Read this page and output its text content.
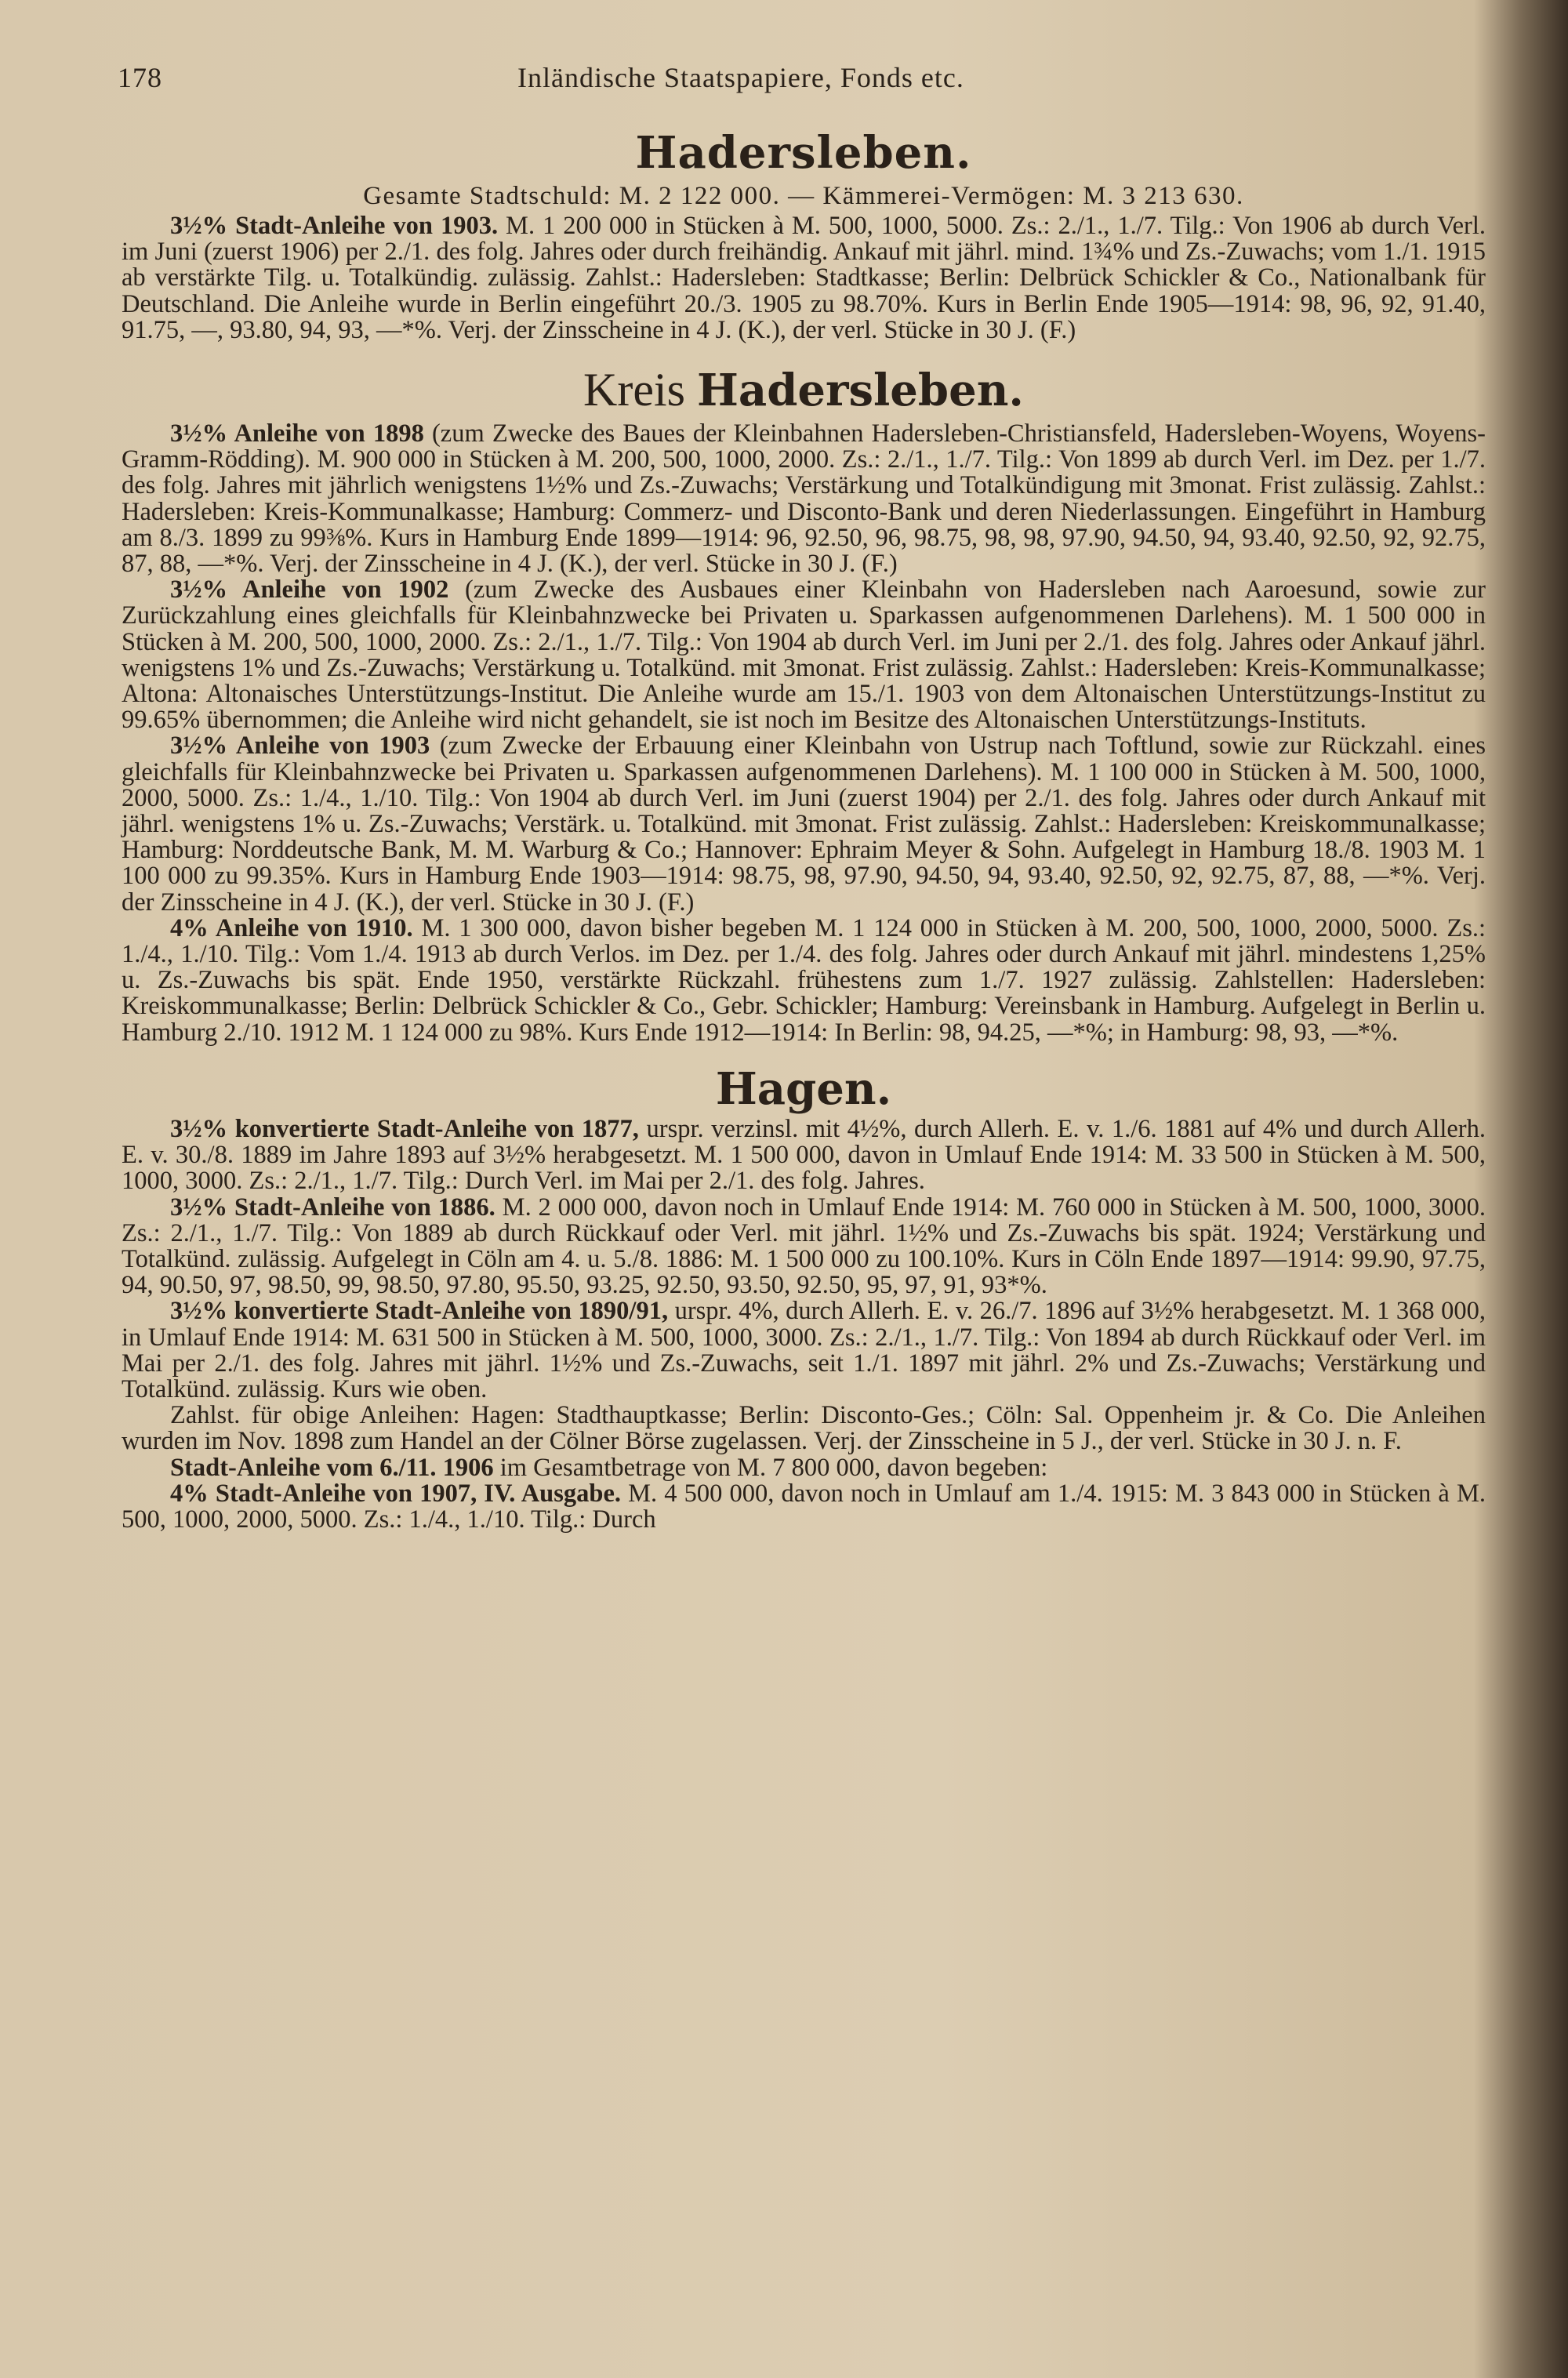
178	Inländische Staatspapiere, Fonds etc.
Hadersleben.
Gesamte Stadtschuld: M. 2 122 000. — Kämmerei-Vermögen: M. 3 213 630.

3½% Stadt-Anleihe von 1903. M. 1 200 000 in Stücken à M. 500, 1000, 5000. Zs.: 2./1., 1./7. Tilg.: Von 1906 ab durch Verl. im Juni (zuerst 1906) per 2./1. des folg. Jahres oder durch freihändig. Ankauf mit jährl. mind. 1¾% und Zs.-Zuwachs; vom 1./1. 1915 ab verstärkte Tilg. u. Totalkündig. zulässig. Zahlst.: Hadersleben: Stadtkasse; Berlin: Delbrück Schickler & Co., Nationalbank für Deutschland. Die Anleihe wurde in Berlin eingeführt 20./3. 1905 zu 98.70%. Kurs in Berlin Ende 1905—1914: 98, 96, 92, 91.40, 91.75, —, 93.80, 94, 93, —*%. Verj. der Zinsscheine in 4 J. (K.), der verl. Stücke in 30 J. (F.)

Kreis Hadersleben.

3½% Anleihe von 1898 (zum Zwecke des Baues der Kleinbahnen Hadersleben-Christiansfeld, Hadersleben-Woyens, Woyens-Gramm-Rödding). M. 900 000 in Stücken à M. 200, 500, 1000, 2000. Zs.: 2./1., 1./7. Tilg.: Von 1899 ab durch Verl. im Dez. per 1./7. des folg. Jahres mit jährlich wenigstens 1½% und Zs.-Zuwachs; Verstärkung und Totalkündigung mit 3monat. Frist zulässig. Zahlst.: Hadersleben: Kreis-Kommunalkasse; Hamburg: Commerz- und Disconto-Bank und deren Niederlassungen. Eingeführt in Hamburg am 8./3. 1899 zu 99⅜%. Kurs in Hamburg Ende 1899—1914: 96, 92.50, 96, 98.75, 98, 98, 97.90, 94.50, 94, 93.40, 92.50, 92, 92.75, 87, 88, —*%. Verj. der Zinsscheine in 4 J. (K.), der verl. Stücke in 30 J. (F.)

3½% Anleihe von 1902 (zum Zwecke des Ausbaues einer Kleinbahn von Hadersleben nach Aaroesund, sowie zur Zurückzahlung eines gleichfalls für Kleinbahnzwecke bei Privaten u. Sparkassen aufgenommenen Darlehens). M. 1 500 000 in Stücken à M. 200, 500, 1000, 2000. Zs.: 2./1., 1./7. Tilg.: Von 1904 ab durch Verl. im Juni per 2./1. des folg. Jahres oder Ankauf jährl. wenigstens 1% und Zs.-Zuwachs; Verstärkung u. Totalkünd. mit 3monat. Frist zulässig. Zahlst.: Hadersleben: Kreis-Kommunalkasse; Altona: Altonaisches Unterstützungs-Institut. Die Anleihe wurde am 15./1. 1903 von dem Altonaischen Unterstützungs-Institut zu 99.65% übernommen; die Anleihe wird nicht gehandelt, sie ist noch im Besitze des Altonaischen Unterstützungs-Instituts.

3½% Anleihe von 1903 (zum Zwecke der Erbauung einer Kleinbahn von Ustrup nach Toftlund, sowie zur Rückzahl. eines gleichfalls für Kleinbahnzwecke bei Privaten u. Sparkassen aufgenommenen Darlehens). M. 1 100 000 in Stücken à M. 500, 1000, 2000, 5000. Zs.: 1./4., 1./10. Tilg.: Von 1904 ab durch Verl. im Juni (zuerst 1904) per 2./1. des folg. Jahres oder durch Ankauf mit jährl. wenigstens 1% u. Zs.-Zuwachs; Verstärk. u. Totalkünd. mit 3monat. Frist zulässig. Zahlst.: Hadersleben: Kreiskommunalkasse; Hamburg: Norddeutsche Bank, M. M. Warburg & Co.; Hannover: Ephraim Meyer & Sohn. Aufgelegt in Hamburg 18./8. 1903 M. 1 100 000 zu 99.35%. Kurs in Hamburg Ende 1903—1914: 98.75, 98, 97.90, 94.50, 94, 93.40, 92.50, 92, 92.75, 87, 88, —*%. Verj. der Zinsscheine in 4 J. (K.), der verl. Stücke in 30 J. (F.)

4% Anleihe von 1910. M. 1 300 000, davon bisher begeben M. 1 124 000 in Stücken à M. 200, 500, 1000, 2000, 5000. Zs.: 1./4., 1./10. Tilg.: Vom 1./4. 1913 ab durch Verlos. im Dez. per 1./4. des folg. Jahres oder durch Ankauf mit jährl. mindestens 1,25% u. Zs.-Zuwachs bis spät. Ende 1950, verstärkte Rückzahl. frühestens zum 1./7. 1927 zulässig. Zahlstellen: Hadersleben: Kreiskommunalkasse; Berlin: Delbrück Schickler & Co., Gebr. Schickler; Hamburg: Vereinsbank in Hamburg. Aufgelegt in Berlin u. Hamburg 2./10. 1912 M. 1 124 000 zu 98%. Kurs Ende 1912—1914: In Berlin: 98, 94.25, —*%; in Hamburg: 98, 93, —*%.

Hagen.

3½% konvertierte Stadt-Anleihe von 1877, urspr. verzinsl. mit 4½%, durch Allerh. E. v. 1./6. 1881 auf 4% und durch Allerh. E. v. 30./8. 1889 im Jahre 1893 auf 3½% herabgesetzt. M. 1 500 000, davon in Umlauf Ende 1914: M. 33 500 in Stücken à M. 500, 1000, 3000. Zs.: 2./1., 1./7. Tilg.: Durch Verl. im Mai per 2./1. des folg. Jahres.

3½% Stadt-Anleihe von 1886. M. 2 000 000, davon noch in Umlauf Ende 1914: M. 760 000 in Stücken à M. 500, 1000, 3000. Zs.: 2./1., 1./7. Tilg.: Von 1889 ab durch Rückkauf oder Verl. mit jährl. 1½% und Zs.-Zuwachs bis spät. 1924; Verstärkung und Totalkünd. zulässig. Aufgelegt in Cöln am 4. u. 5./8. 1886: M. 1 500 000 zu 100.10%. Kurs in Cöln Ende 1897—1914: 99.90, 97.75, 94, 90.50, 97, 98.50, 99, 98.50, 97.80, 95.50, 93.25, 92.50, 93.50, 92.50, 95, 97, 91, 93*%.

3½% konvertierte Stadt-Anleihe von 1890/91, urspr. 4%, durch Allerh. E. v. 26./7. 1896 auf 3½% herabgesetzt. M. 1 368 000, in Umlauf Ende 1914: M. 631 500 in Stücken à M. 500, 1000, 3000. Zs.: 2./1., 1./7. Tilg.: Von 1894 ab durch Rückkauf oder Verl. im Mai per 2./1. des folg. Jahres mit jährl. 1½% und Zs.-Zuwachs, seit 1./1. 1897 mit jährl. 2% und Zs.-Zuwachs; Verstärkung und Totalkünd. zulässig. Kurs wie oben.

Zahlst. für obige Anleihen: Hagen: Stadthauptkasse; Berlin: Disconto-Ges.; Cöln: Sal. Oppenheim jr. & Co. Die Anleihen wurden im Nov. 1898 zum Handel an der Cölner Börse zugelassen. Verj. der Zinsscheine in 5 J., der verl. Stücke in 30 J. n. F.

Stadt-Anleihe vom 6./11. 1906 im Gesamtbetrage von M. 7 800 000, davon begeben:

4% Stadt-Anleihe von 1907, IV. Ausgabe. M. 4 500 000, davon noch in Umlauf am 1./4. 1915: M. 3 843 000 in Stücken à M. 500, 1000, 2000, 5000. Zs.: 1./4., 1./10. Tilg.: Durch
